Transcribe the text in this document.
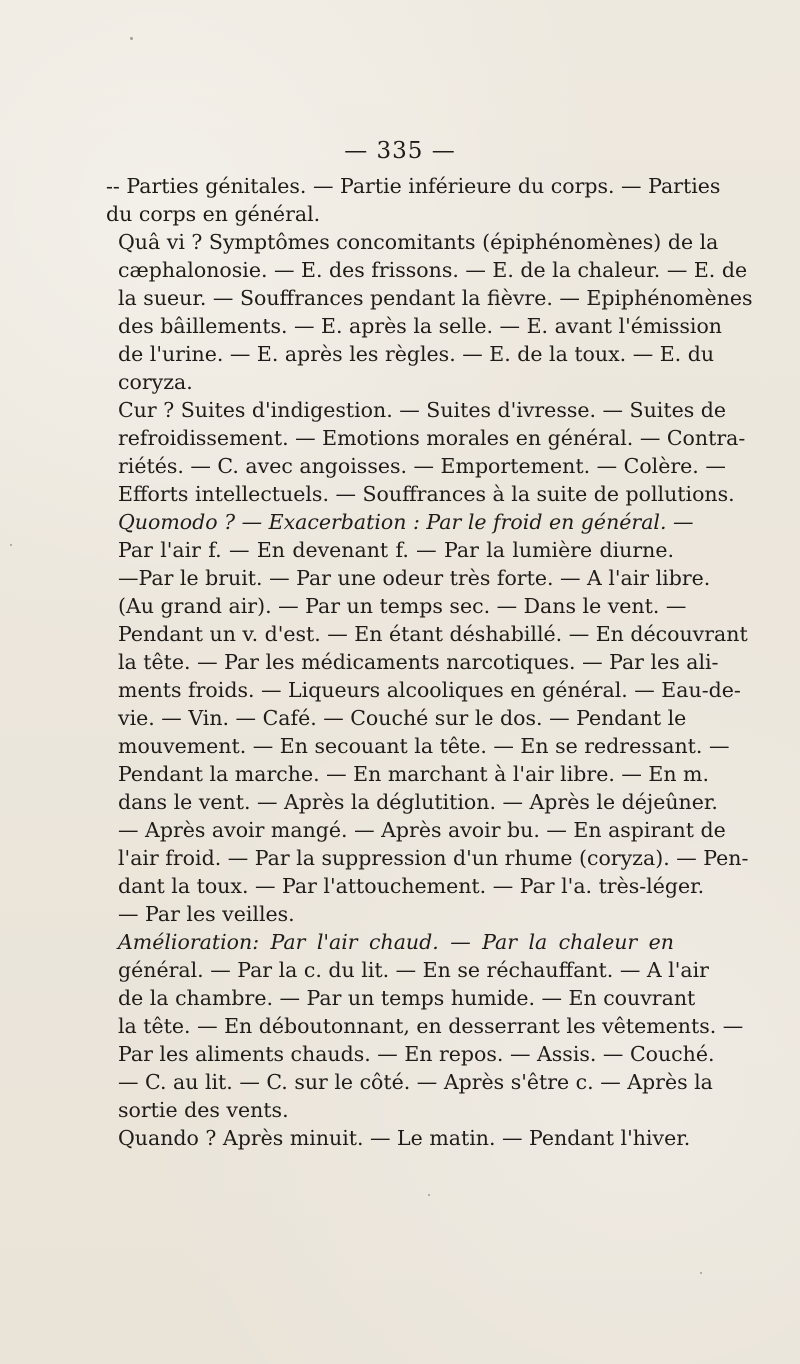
— 335 —

-- Parties génitales. — Partie inférieure du corps. — Parties
du corps en général.

Quâ vi ? Symptômes concomitants (épiphénomènes) de la
cæphalonosie. — E. des frissons. — E. de la chaleur. — E. de
la sueur. — Souffrances pendant la fièvre. — Epiphénomènes
des bâillements. — E. après la selle. — E. avant l'émission
de l'urine. — E. après les règles. — E. de la toux. — E. du
coryza.

Cur ? Suites d'indigestion. — Suites d'ivresse. — Suites de
refroidissement. — Emotions morales en général. — Contra-
riétés. — C. avec angoisses. — Emportement. — Colère. —
Efforts intellectuels. — Souffrances à la suite de pollutions.

Quomodo ? — Exacerbation : Par le froid en général. —
Par l'air f. — En devenant f. — Par la lumière diurne.
—Par le bruit. — Par une odeur très forte. — A l'air libre.
(Au grand air). — Par un temps sec. — Dans le vent. —
Pendant un v. d'est. — En étant déshabillé. — En découvrant
la tête. — Par les médicaments narcotiques. — Par les ali-
ments froids. — Liqueurs alcooliques en général. — Eau-de-
vie. — Vin. — Café. — Couché sur le dos. — Pendant le
mouvement. — En secouant la tête. — En se redressant. —
Pendant la marche. — En marchant à l'air libre. — En m.
dans le vent. — Après la déglutition. — Après le déjeûner.
— Après avoir mangé. — Après avoir bu. — En aspirant de
l'air froid. — Par la suppression d'un rhume (coryza). — Pen-
dant la toux. — Par l'attouchement. — Par l'a. très-léger.
— Par les veilles.

Amélioration: Par l'air chaud. — Par la chaleur en
général. — Par la c. du lit. — En se réchauffant. — A l'air
de la chambre. — Par un temps humide. — En couvrant
la tête. — En déboutonnant, en desserrant les vêtements. —
Par les aliments chauds. — En repos. — Assis. — Couché.
— C. au lit. — C. sur le côté. — Après s'être c. — Après la
sortie des vents.

Quando ? Après minuit. — Le matin. — Pendant l'hiver.
